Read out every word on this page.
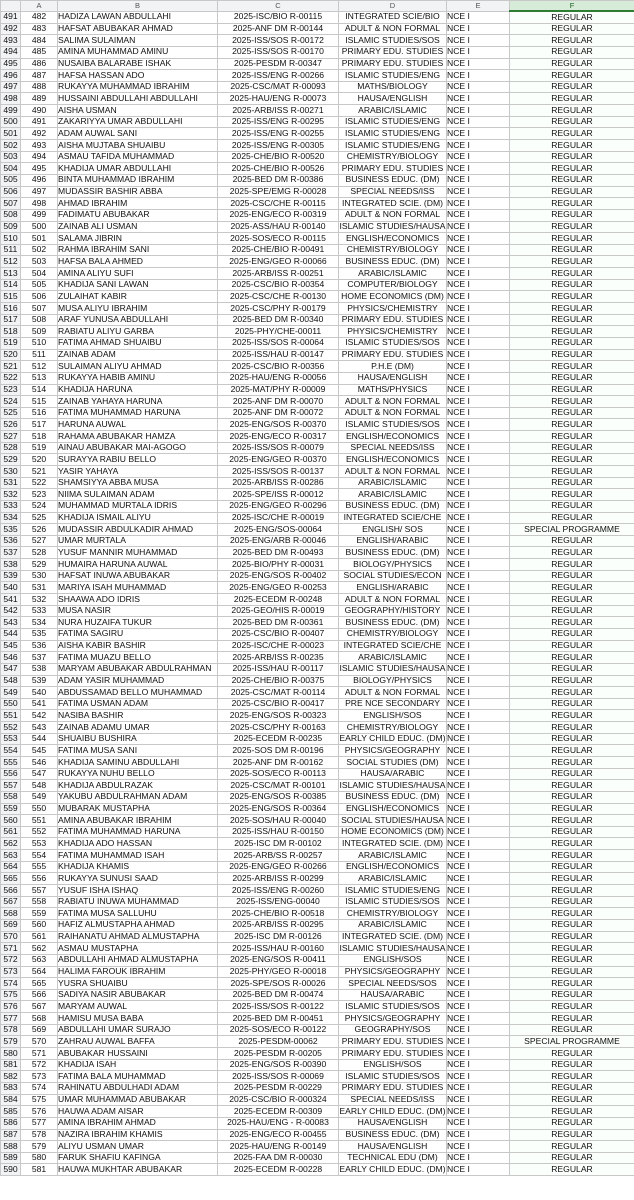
	A	B	C	D	E	F
491	482	HADIZA LAWAN ABDULLAHI	2025-ISC/BIO R-00115	INTEGRATED SCIE/BIO	NCE I	REGULAR
492	483	HAFSAT ABUBAKAR AHMAD	2025-ANF DM R-00144	ADULT & NON FORMAL	NCE I	REGULAR
493	484	SALIMA SULAIMAN	2025-ISS/SOS R-00172	ISLAMIC STUDIES/SOS	NCE I	REGULAR
494	485	AMINA MUHAMMAD AMINU	2025-ISS/SOS R-00170	PRIMARY EDU. STUDIES	NCE I	REGULAR
495	486	NUSAIBA BALARABE ISHAK	2025-PESDM R-00347	PRIMARY EDU. STUDIES	NCE I	REGULAR
496	487	HAFSA HASSAN ADO	2025-ISS/ENG R-00266	ISLAMIC STUDIES/ENG	NCE I	REGULAR
497	488	RUKAYYA MUHAMMAD IBRAHIM	2025-CSC/MAT R-00093	MATHS/BIOLOGY	NCE I	REGULAR
498	489	HUSSAINI ABDULLAHI ABDULLAHI	2025-HAU/ENG R-00073	HAUSA/ENGLISH	NCE I	REGULAR
499	490	AISHA USMAN	2025-ARB/ISS R-00271	ARABIC/ISLAMIC	NCE I	REGULAR
500	491	ZAKARIYYA UMAR ABDULLAHI	2025-ISS/ENG R-00295	ISLAMIC STUDIES/ENG	NCE I	REGULAR
501	492	ADAM AUWAL SANI	2025-ISS/ENG R-00255	ISLAMIC STUDIES/ENG	NCE I	REGULAR
502	493	AISHA MUJTABA SHUAIBU	2025-ISS/ENG R-00305	ISLAMIC STUDIES/ENG	NCE I	REGULAR
503	494	ASMAU TAFIDA MUHAMMAD	2025-CHE/BIO R-00520	CHEMISTRY/BIOLOGY	NCE I	REGULAR
504	495	KHADIJA UMAR ABDULLAHI	2025-CHE/BIO R-00526	PRIMARY EDU. STUDIES	NCE I	REGULAR
505	496	BINTA MUHAMMAD IBRAHIM	2025-BED DM R-00386	BUSINESS EDUC. (DM)	NCE I	REGULAR
506	497	MUDASSIR BASHIR ABBA	2025-SPE/EMG R-00028	SPECIAL NEEDS/ISS	NCE I	REGULAR
507	498	AHMAD IBRAHIM	2025-CSC/CHE R-00115	INTEGRATED SCIE. (DM)	NCE I	REGULAR
508	499	FADIMATU ABUBAKAR	2025-ENG/ECO R-00319	ADULT & NON FORMAL	NCE I	REGULAR
509	500	ZAINAB ALI USMAN	2025-ASS/HAU R-00140	ISLAMIC STUDIES/HAUSA	NCE I	REGULAR
510	501	SALAMA JIBRIN	2025-SOS/ECO R-00115	ENGLISH/ECONOMICS	NCE I	REGULAR
511	502	RAHMA IBRAHIM SANI	2025-CHE/BIO R-00491	CHEMISTRY/BIOLOGY	NCE I	REGULAR
512	503	HAFSA BALA AHMED	2025-ENG/GEO R-00066	BUSINESS EDUC. (DM)	NCE I	REGULAR
513	504	AMINA ALIYU SUFI	2025-ARB/ISS R-00251	ARABIC/ISLAMIC	NCE I	REGULAR
514	505	KHADIJA SANI LAWAN	2025-CSC/BIO R-00354	COMPUTER/BIOLOGY	NCE I	REGULAR
515	506	ZULAIHAT KABIR	2025-CSC/CHE R-00130	HOME ECONOMICS (DM)	NCE I	REGULAR
516	507	MUSA ALIYU IBRAHIM	2025-CSC/PHY R-00179	PHYSICS/CHEMISTRY	NCE I	REGULAR
517	508	ARAF YUNUSA ABDULLAHI	2025-BED DM R-00340	PRIMARY EDU. STUDIES	NCE I	REGULAR
518	509	RABIATU ALIYU GARBA	2025-PHY/CHE-00011	PHYSICS/CHEMISTRY	NCE I	REGULAR
519	510	FATIMA AHMAD SHUAIBU	2025-ISS/SOS R-00064	ISLAMIC STUDIES/SOS	NCE I	REGULAR
520	511	ZAINAB ADAM	2025-ISS/HAU R-00147	PRIMARY EDU. STUDIES	NCE I	REGULAR
521	512	SULAIMAN ALIYU AHMAD	2025-CSC/BIO R-00356	P.H.E (DM)	NCE I	REGULAR
522	513	RUKAYYA HABIB AMINU	2025-HAU/ENG R-00056	HAUSA/ENGLISH	NCE I	REGULAR
523	514	KHADIJA HARUNA	2025-MAT/PHY R-00009	MATHS/PHYSICS	NCE I	REGULAR
524	515	ZAINAB YAHAYA HARUNA	2025-ANF DM R-00070	ADULT & NON FORMAL	NCE I	REGULAR
525	516	FATIMA MUHAMMAD HARUNA	2025-ANF DM R-00072	ADULT & NON FORMAL	NCE I	REGULAR
526	517	HARUNA AUWAL	2025-ENG/SOS R-00370	ISLAMIC STUDIES/SOS	NCE I	REGULAR
527	518	RAHAMA ABUBAKAR HAMZA	2025-ENG/ECO R-00317	ENGLISH/ECONOMICS	NCE I	REGULAR
528	519	AINAU ABUBAKAR MAI-AGOGO	2025-ISS/SOS R-00079	SPECIAL NEEDS/ISS	NCE I	REGULAR
529	520	SURAYYA RABIU BELLO	2025-ENG/GEO R-00370	ENGLISH/ECONOMICS	NCE I	REGULAR
530	521	YASIR YAHAYA	2025-ISS/SOS R-00137	ADULT & NON FORMAL	NCE I	REGULAR
531	522	SHAMSIYYA ABBA MUSA	2025-ARB/ISS R-00286	ARABIC/ISLAMIC	NCE I	REGULAR
532	523	NIIMA SULAIMAN ADAM	2025-SPE/ISS R-00012	ARABIC/ISLAMIC	NCE I	REGULAR
533	524	MUHAMMAD MURTALA IDRIS	2025-ENG/GEO R-00296	BUSINESS EDUC. (DM)	NCE I	REGULAR
534	525	KHADIJA ISMAIL ALIYU	2025-ISC/CHE R-00019	INTEGRATED SCIE/CHE	NCE I	REGULAR
535	526	MUDASSIR ABDULKADIR AHMAD	2025-ENG/SOS-00064	ENGLISH/ SOS	NCE I	SPECIAL PROGRAMME
536	527	UMAR MURTALA	2025-ENG/ARB R-00046	ENGLISH/ARABIC	NCE I	REGULAR
537	528	YUSUF MANNIR MUHAMMAD	2025-BED DM R-00493	BUSINESS EDUC. (DM)	NCE I	REGULAR
538	529	HUMAIRA HARUNA AUWAL	2025-BIO/PHY R-00031	BIOLOGY/PHYSICS	NCE I	REGULAR
539	530	HAFSAT INUWA ABUBAKAR	2025-ENG/SOS R-00402	SOCIAL STUDIES/ECON	NCE I	REGULAR
540	531	MARIYA ISAH MUHAMMAD	2025-ENG/GEO R-00253	ENGLISH/ARABIC	NCE I	REGULAR
541	532	SHAAWA ADO IDRIS	2025-ECEDM R-00248	ADULT & NON FORMAL	NCE I	REGULAR
542	533	MUSA NASIR	2025-GEO/HIS R-00019	GEOGRAPHY/HISTORY	NCE I	REGULAR
543	534	NURA HUZAIFA TUKUR	2025-BED DM R-00361	BUSINESS EDUC. (DM)	NCE I	REGULAR
544	535	FATIMA SAGIRU	2025-CSC/BIO R-00407	CHEMISTRY/BIOLOGY	NCE I	REGULAR
545	536	AISHA KABIR BASHIR	2025-ISC/CHE R-00023	INTEGRATED SCIE/CHE	NCE I	REGULAR
546	537	FATIMA MUAZU BELLO	2025-ARB/ISS R-00235	ARABIC/ISLAMIC	NCE I	REGULAR
547	538	MARYAM ABUBAKAR ABDULRAHMAN	2025-ISS/HAU R-00117	ISLAMIC STUDIES/HAUSA	NCE I	REGULAR
548	539	ADAM YASIR MUHAMMAD	2025-CHE/BIO R-00375	BIOLOGY/PHYSICS	NCE I	REGULAR
549	540	ABDUSSAMAD BELLO MUHAMMAD	2025-CSC/MAT R-00114	ADULT & NON FORMAL	NCE I	REGULAR
550	541	FATIMA USMAN ADAM	2025-CSC/BIO R-00417	PRE NCE SECONDARY	NCE I	REGULAR
551	542	NASIBA BASHIR	2025-ENG/SOS R-00323	ENGLISH/SOS	NCE I	REGULAR
552	543	ZAINAB ADAMU UMAR	2025-CSC/PHY R-00163	CHEMISTRY/BIOLOGY	NCE I	REGULAR
553	544	SHUAIBU BUSHIRA	2025-ECEDM R-00235	EARLY CHILD EDUC. (DM)	NCE I	REGULAR
554	545	FATIMA MUSA SANI	2025-SOS DM R-00196	PHYSICS/GEOGRAPHY	NCE I	REGULAR
555	546	KHADIJA SAMINU ABDULLAHI	2025-ANF DM R-00162	SOCIAL STUDIES (DM)	NCE I	REGULAR
556	547	RUKAYYA NUHU BELLO	2025-SOS/ECO R-00113	HAUSA/ARABIC	NCE I	REGULAR
557	548	KHADIJA ABDULRAZAK	2025-CSC/MAT R-00101	ISLAMIC STUDIES/HAUSA	NCE I	REGULAR
558	549	YAKUBU ABDULRAHMAN ADAM	2025-ENG/SOS R-00385	BUSINESS EDUC. (DM)	NCE I	REGULAR
559	550	MUBARAK MUSTAPHA	2025-ENG/SOS R-00364	ENGLISH/ECONOMICS	NCE I	REGULAR
560	551	AMINA ABUBAKAR IBRAHIM	2025-SOS/HAU R-00040	SOCIAL STUDIES/HAUSA	NCE I	REGULAR
561	552	FATIMA MUHAMMAD HARUNA	2025-ISS/HAU R-00150	HOME ECONOMICS (DM)	NCE I	REGULAR
562	553	KHADIJA ADO HASSAN	2025-ISC DM R-00102	INTEGRATED SCIE. (DM)	NCE I	REGULAR
563	554	FATIMA MUHAMMAD ISAH	2025-ARB/SS R-00257	ARABIC/ISLAMIC	NCE I	REGULAR
564	555	KHADIJA KHAMIS	2025-ENG/GEO R-00266	ENGLISH/ECONOMICS	NCE I	REGULAR
565	556	RUKAYYA SUNUSI SAAD	2025-ARB/ISS R-00299	ARABIC/ISLAMIC	NCE I	REGULAR
566	557	YUSUF ISHA ISHAQ	2025-ISS/ENG R-00260	ISLAMIC STUDIES/ENG	NCE I	REGULAR
567	558	RABIATU INUWA MUHAMMAD	2025-ISS/ENG-00040	ISLAMIC STUDIES/SOS	NCE I	REGULAR
568	559	FATIMA MUSA SALLUHU	2025-CHE/BIO R-00518	CHEMISTRY/BIOLOGY	NCE I	REGULAR
569	560	HAFIZ ALMUSTAPHA AHMAD	2025-ARB/ISS R-00295	ARABIC/ISLAMIC	NCE I	REGULAR
570	561	RAIHANATU AHMAD ALMUSTAPHA	2025-ISC DM R-00126	INTEGRATED SCIE. (DM)	NCE I	REGULAR
571	562	ASMAU MUSTAPHA	2025-ISS/HAU R-00160	ISLAMIC STUDIES/HAUSA	NCE I	REGULAR
572	563	ABDULLAHI AHMAD ALMUSTAPHA	2025-ENG/SOS R-00411	ENGLISH/SOS	NCE I	REGULAR
573	564	HALIMA FAROUK IBRAHIM	2025-PHY/GEO R-00018	PHYSICS/GEOGRAPHY	NCE I	REGULAR
574	565	YUSRA SHUAIBU	2025-SPE/SOS R-00026	SPECIAL NEEDS/SOS	NCE I	REGULAR
575	566	SADIYA NASIR ABUBAKAR	2025-BED DM R-00474	HAUSA/ARABIC	NCE I	REGULAR
576	567	MARYAM AUWAL	2025-ISS/SOS R-00122	ISLAMIC STUDIES/SOS	NCE I	REGULAR
577	568	HAMISU MUSA BABA	2025-BED DM R-00451	PHYSICS/GEOGRAPHY	NCE I	REGULAR
578	569	ABDULLAHI UMAR SURAJO	2025-SOS/ECO R-00122	GEOGRAPHY/SOS	NCE I	REGULAR
579	570	ZAHRAU AUWAL BAFFA	2025-PESDM-00062	PRIMARY EDU. STUDIES	NCE I	SPECIAL PROGRAMME
580	571	ABUBAKAR HUSSAINI	2025-PESDM R-00205	PRIMARY EDU. STUDIES	NCE I	REGULAR
581	572	KHADIJA ISAH	2025-ENG/SOS R-00390	ENGLISH/SOS	NCE I	REGULAR
582	573	FATIMA BALA MUHAMMAD	2025-ISS/SOS R-00069	ISLAMIC STUDIES/SOS	NCE I	REGULAR
583	574	RAHINATU ABDULHADI ADAM	2025-PESDM R-00229	PRIMARY EDU. STUDIES	NCE I	REGULAR
584	575	UMAR MUHAMMAD ABUBAKAR	2025-CSC/BIO R-000324	SPECIAL NEEDS/ISS	NCE I	REGULAR
585	576	HAUWA ADAM AISAR	2025-ECEDM R-00309	EARLY CHILD EDUC. (DM)	NCE I	REGULAR
586	577	AMINA IBRAHIM AHMAD	2025-HAU/ENG - R-00083	HAUSA/ENGLISH	NCE I	REGULAR
587	578	NAZIRA IBRAHIM KHAMIS	2025-ENG/ECO R-00455	BUSINESS EDUC. (DM)	NCE I	REGULAR
588	579	ALIYU USMAN UMAR	2025-HAU/ENG R-00149	HAUSA/ENGLISH	NCE I	REGULAR
589	580	FARUK SHAFIU KAFINGA	2025-FAA DM R-00030	TECHNICAL EDU (DM)	NCE I	REGULAR
590	581	HAUWA MUKHTAR ABUBAKAR	2025-ECEDM R-00228	EARLY CHILD EDUC. (DM)	NCE I	REGULAR
